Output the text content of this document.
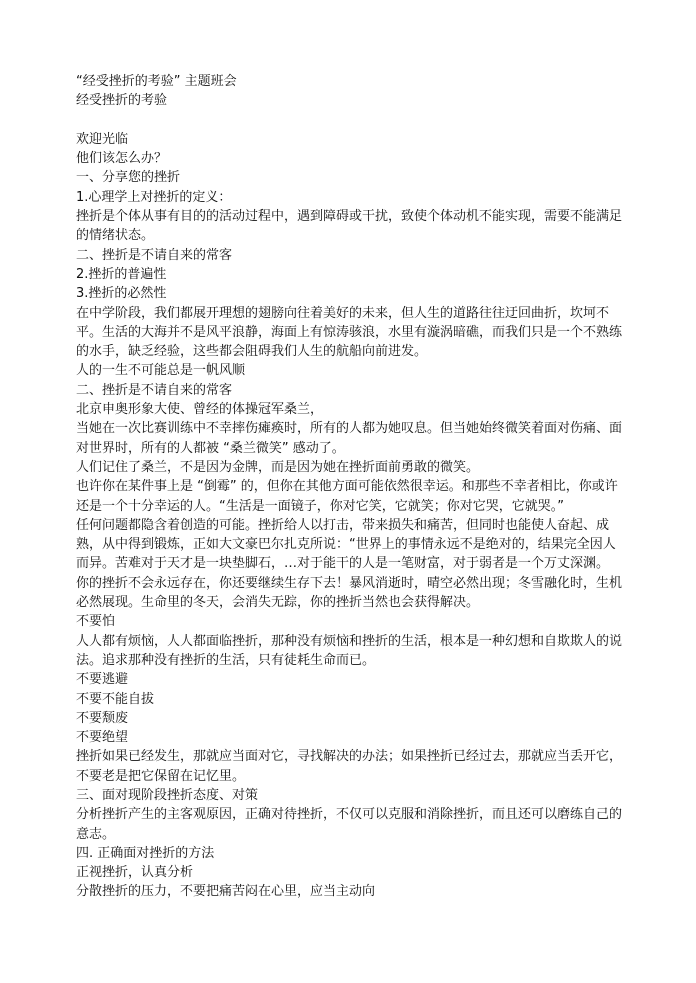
“经受挫折的考验” 主题班会
经受挫折的考验
欢迎光临
他们该怎么办？
一、分享您的挫折
1.心理学上对挫折的定义：
挫折是个体从事有目的的活动过程中，遇到障碍或干扰，致使个体动机不能实现，需要不能满足的情绪状态。
二、挫折是不请自来的常客
2.挫折的普遍性
3.挫折的必然性
在中学阶段，我们都展开理想的翅膀向往着美好的未来，但人生的道路往往迂回曲折，坎坷不平。生活的大海并不是风平浪静，海面上有惊涛骇浪，水里有漩涡暗礁，而我们只是一个不熟练的水手，缺乏经验，这些都会阻碍我们人生的航船向前进发。
人的一生不可能总是一帆风顺
二、挫折是不请自来的常客
北京申奥形象大使、曾经的体操冠军桑兰，
当她在一次比赛训练中不幸摔伤瘫痪时，所有的人都为她叹息。但当她始终微笑着面对伤痛、面对世界时，所有的人都被 “桑兰微笑” 感动了。
人们记住了桑兰，不是因为金牌，而是因为她在挫折面前勇敢的微笑。
也许你在某件事上是 “倒霉” 的，但你在其他方面可能依然很幸运。和那些不幸者相比，你或许还是一个十分幸运的人。“生活是一面镜子，你对它笑，它就笑；你对它哭，它就哭。”
任何问题都隐含着创造的可能。挫折给人以打击，带来损失和痛苦，但同时也能使人奋起、成熟，从中得到锻炼，正如大文豪巴尔扎克所说：“世界上的事情永远不是绝对的，结果完全因人而异。苦难对于天才是一块垫脚石，…对于能干的人是一笔财富，对于弱者是一个万丈深渊。
你的挫折不会永远存在，你还要继续生存下去！暴风消逝时，晴空必然出现；冬雪融化时，生机必然展现。生命里的冬天，会消失无踪，你的挫折当然也会获得解决。
不要怕
人人都有烦恼，人人都面临挫折，那种没有烦恼和挫折的生活，根本是一种幻想和自欺欺人的说法。追求那种没有挫折的生活，只有徒耗生命而已。
不要逃避
不要不能自拔
不要颓废
不要绝望
挫折如果已经发生，那就应当面对它，寻找解决的办法；如果挫折已经过去，那就应当丢开它，不要老是把它保留在记忆里。
三、面对现阶段挫折态度、对策
分析挫折产生的主客观原因，正确对待挫折，不仅可以克服和消除挫折，而且还可以磨练自己的意志。
四. 正确面对挫折的方法
正视挫折，认真分析
分散挫折的压力，不要把痛苦闷在心里，应当主动向
